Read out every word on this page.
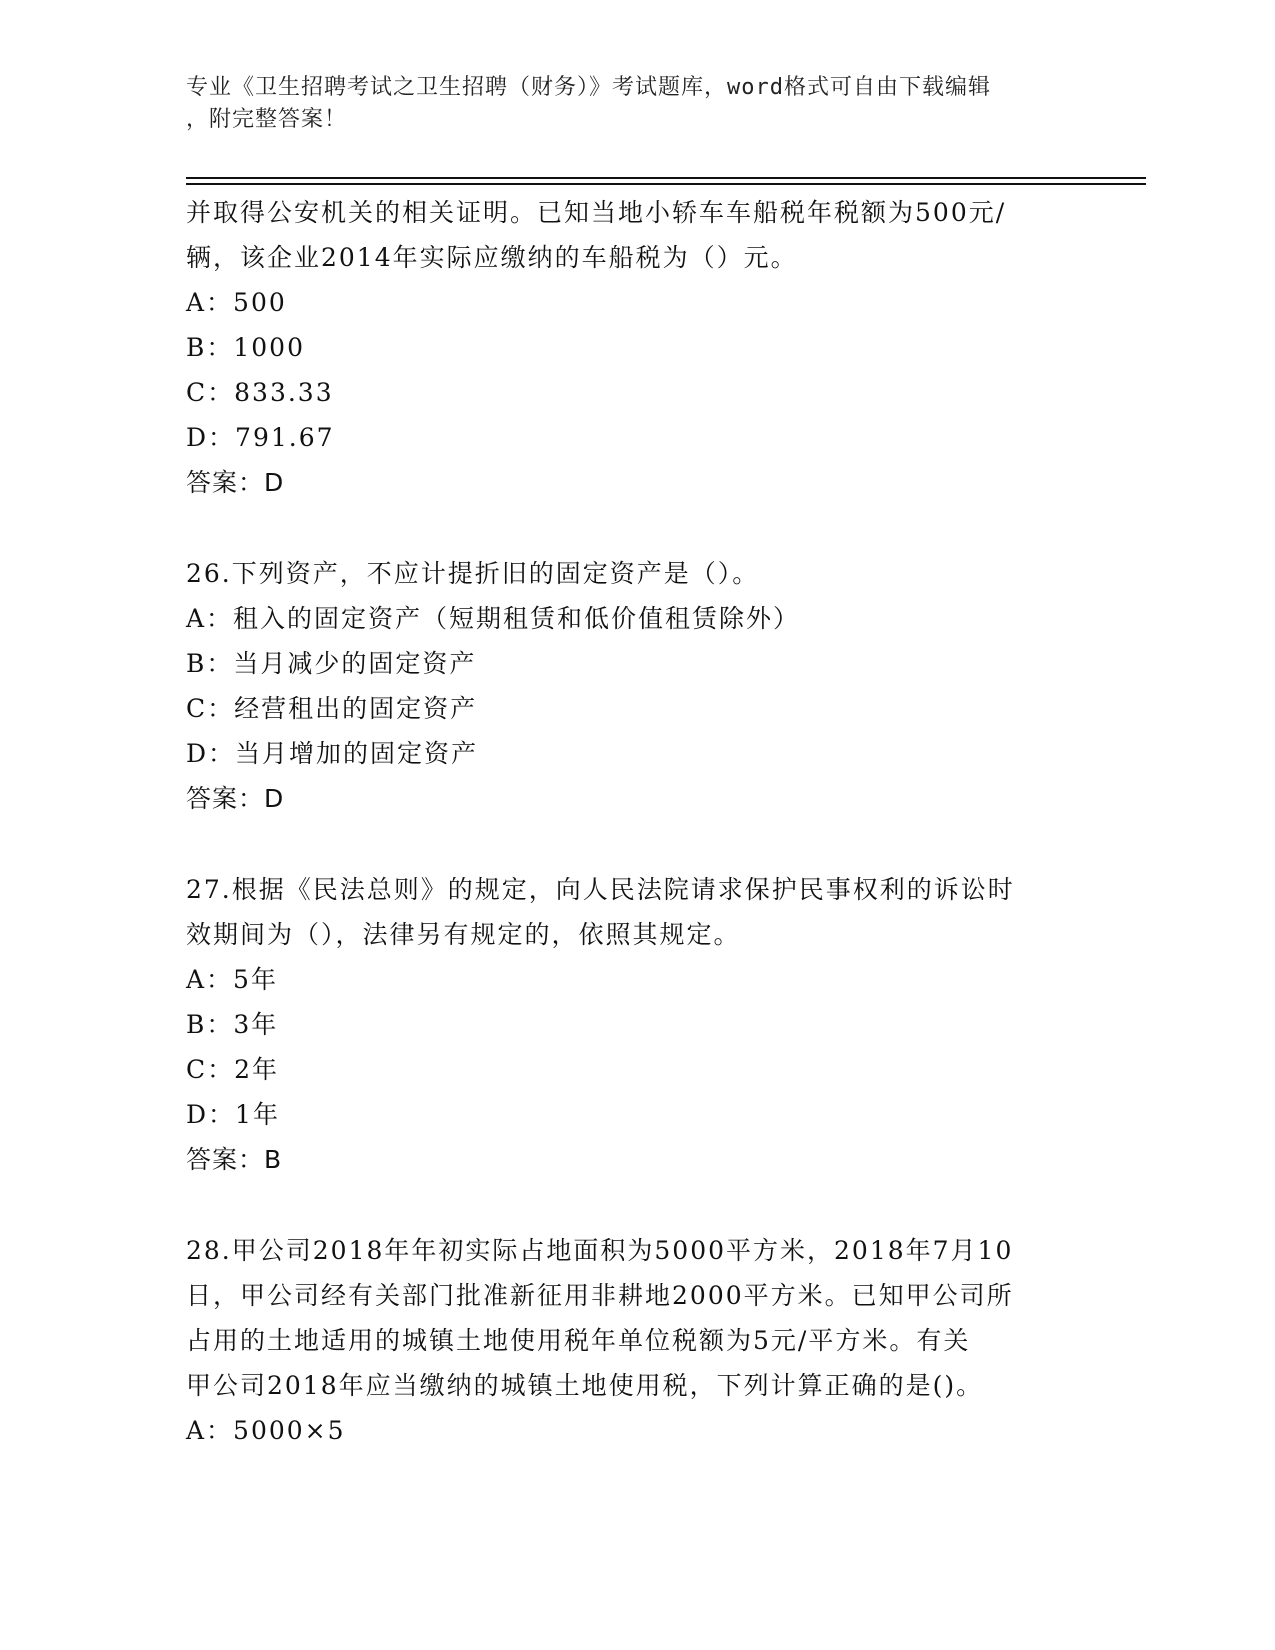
专业《卫生招聘考试之卫生招聘（财务）》考试题库，word格式可自由下载编辑
，附完整答案！
并取得公安机关的相关证明。已知当地小轿车车船税年税额为500元/
辆，该企业2014年实际应缴纳的车船税为（）元。
A：500
B：1000
C：833.33
D：791.67
答案：D
26.下列资产，不应计提折旧的固定资产是（）。
A：租入的固定资产（短期租赁和低价值租赁除外）
B：当月减少的固定资产
C：经营租出的固定资产
D：当月增加的固定资产
答案：D
27.根据《民法总则》的规定，向人民法院请求保护民事权利的诉讼时
效期间为（），法律另有规定的，依照其规定。
A：5年
B：3年
C：2年
D：1年
答案：B
28.甲公司2018年年初实际占地面积为5000平方米，2018年7月10
日，甲公司经有关部门批准新征用非耕地2000平方米。已知甲公司所
占用的土地适用的城镇土地使用税年单位税额为5元/平方米。有关
甲公司2018年应当缴纳的城镇土地使用税，下列计算正确的是()。
A：5000×5
